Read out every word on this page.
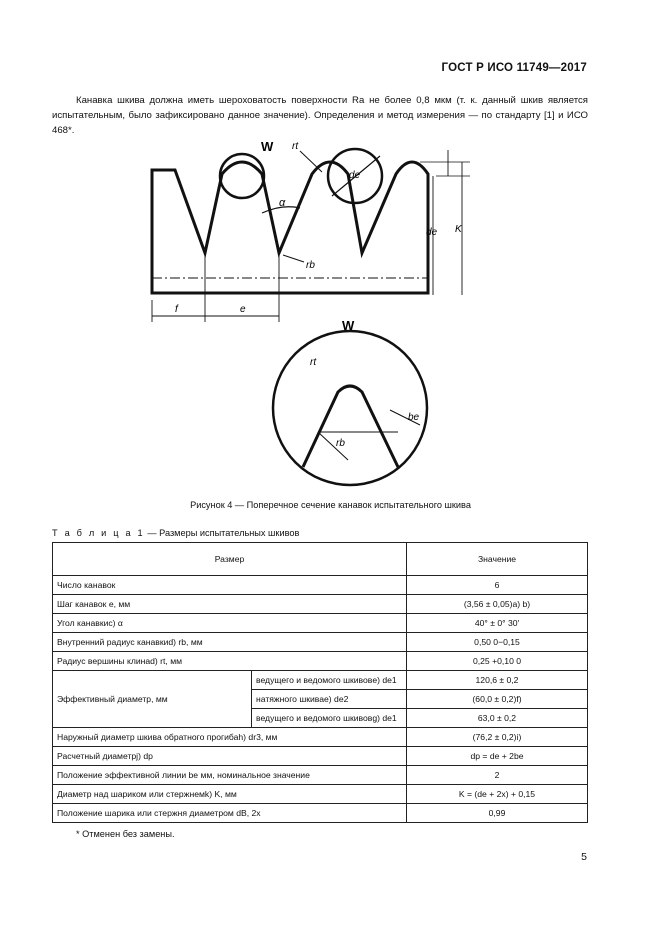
ГОСТ Р ИСО 11749—2017

Канавка шкива должна иметь шероховатость поверхности Ra не более 0,8 мкм (т. к. данный шкив является испытательным, было зафиксировано данное значение). Определения и метод измерения — по стандарту [1] и ИСО 468*.

W rt
de
α
rb
de K
f	e
W
rt
rb
be
Рисунок 4 — Поперечное сечение канавок испытательного шкива
Т а б л и ц а 1 — Размеры испытательных шкивов
Размер		Значение
Число канавок		6
Шаг канавок e, мм		(3,56 ± 0,05)a) b)
Угол канавкиc) α		40° ± 0° 30′
Внутренний радиус канавкиd) rb, мм		0,50 0−0,15
Радиус вершины клинаd) rt, мм		0,25 +0,10 0
Эффективный диаметр, мм	ведущего и ведомого шкивовe) de1	120,6 ± 0,2
	натяжного шкиваe) de2	(60,0 ± 0,2)f)
	ведущего и ведомого шкивовg) de1	63,0 ± 0,2
Наружный диаметр шкива обратного прогибаh) dr3, мм		(76,2 ± 0,2)i)
Расчетный диаметрj) dp		dp = de + 2be
Положение эффективной линии be мм, номинальное значение		2
Диаметр над шариком или стержнемk) K, мм		K = (de + 2x) + 0,15
Положение шарика или стержня диаметром dB, 2x		0,99
* Отменен без замены.
5
